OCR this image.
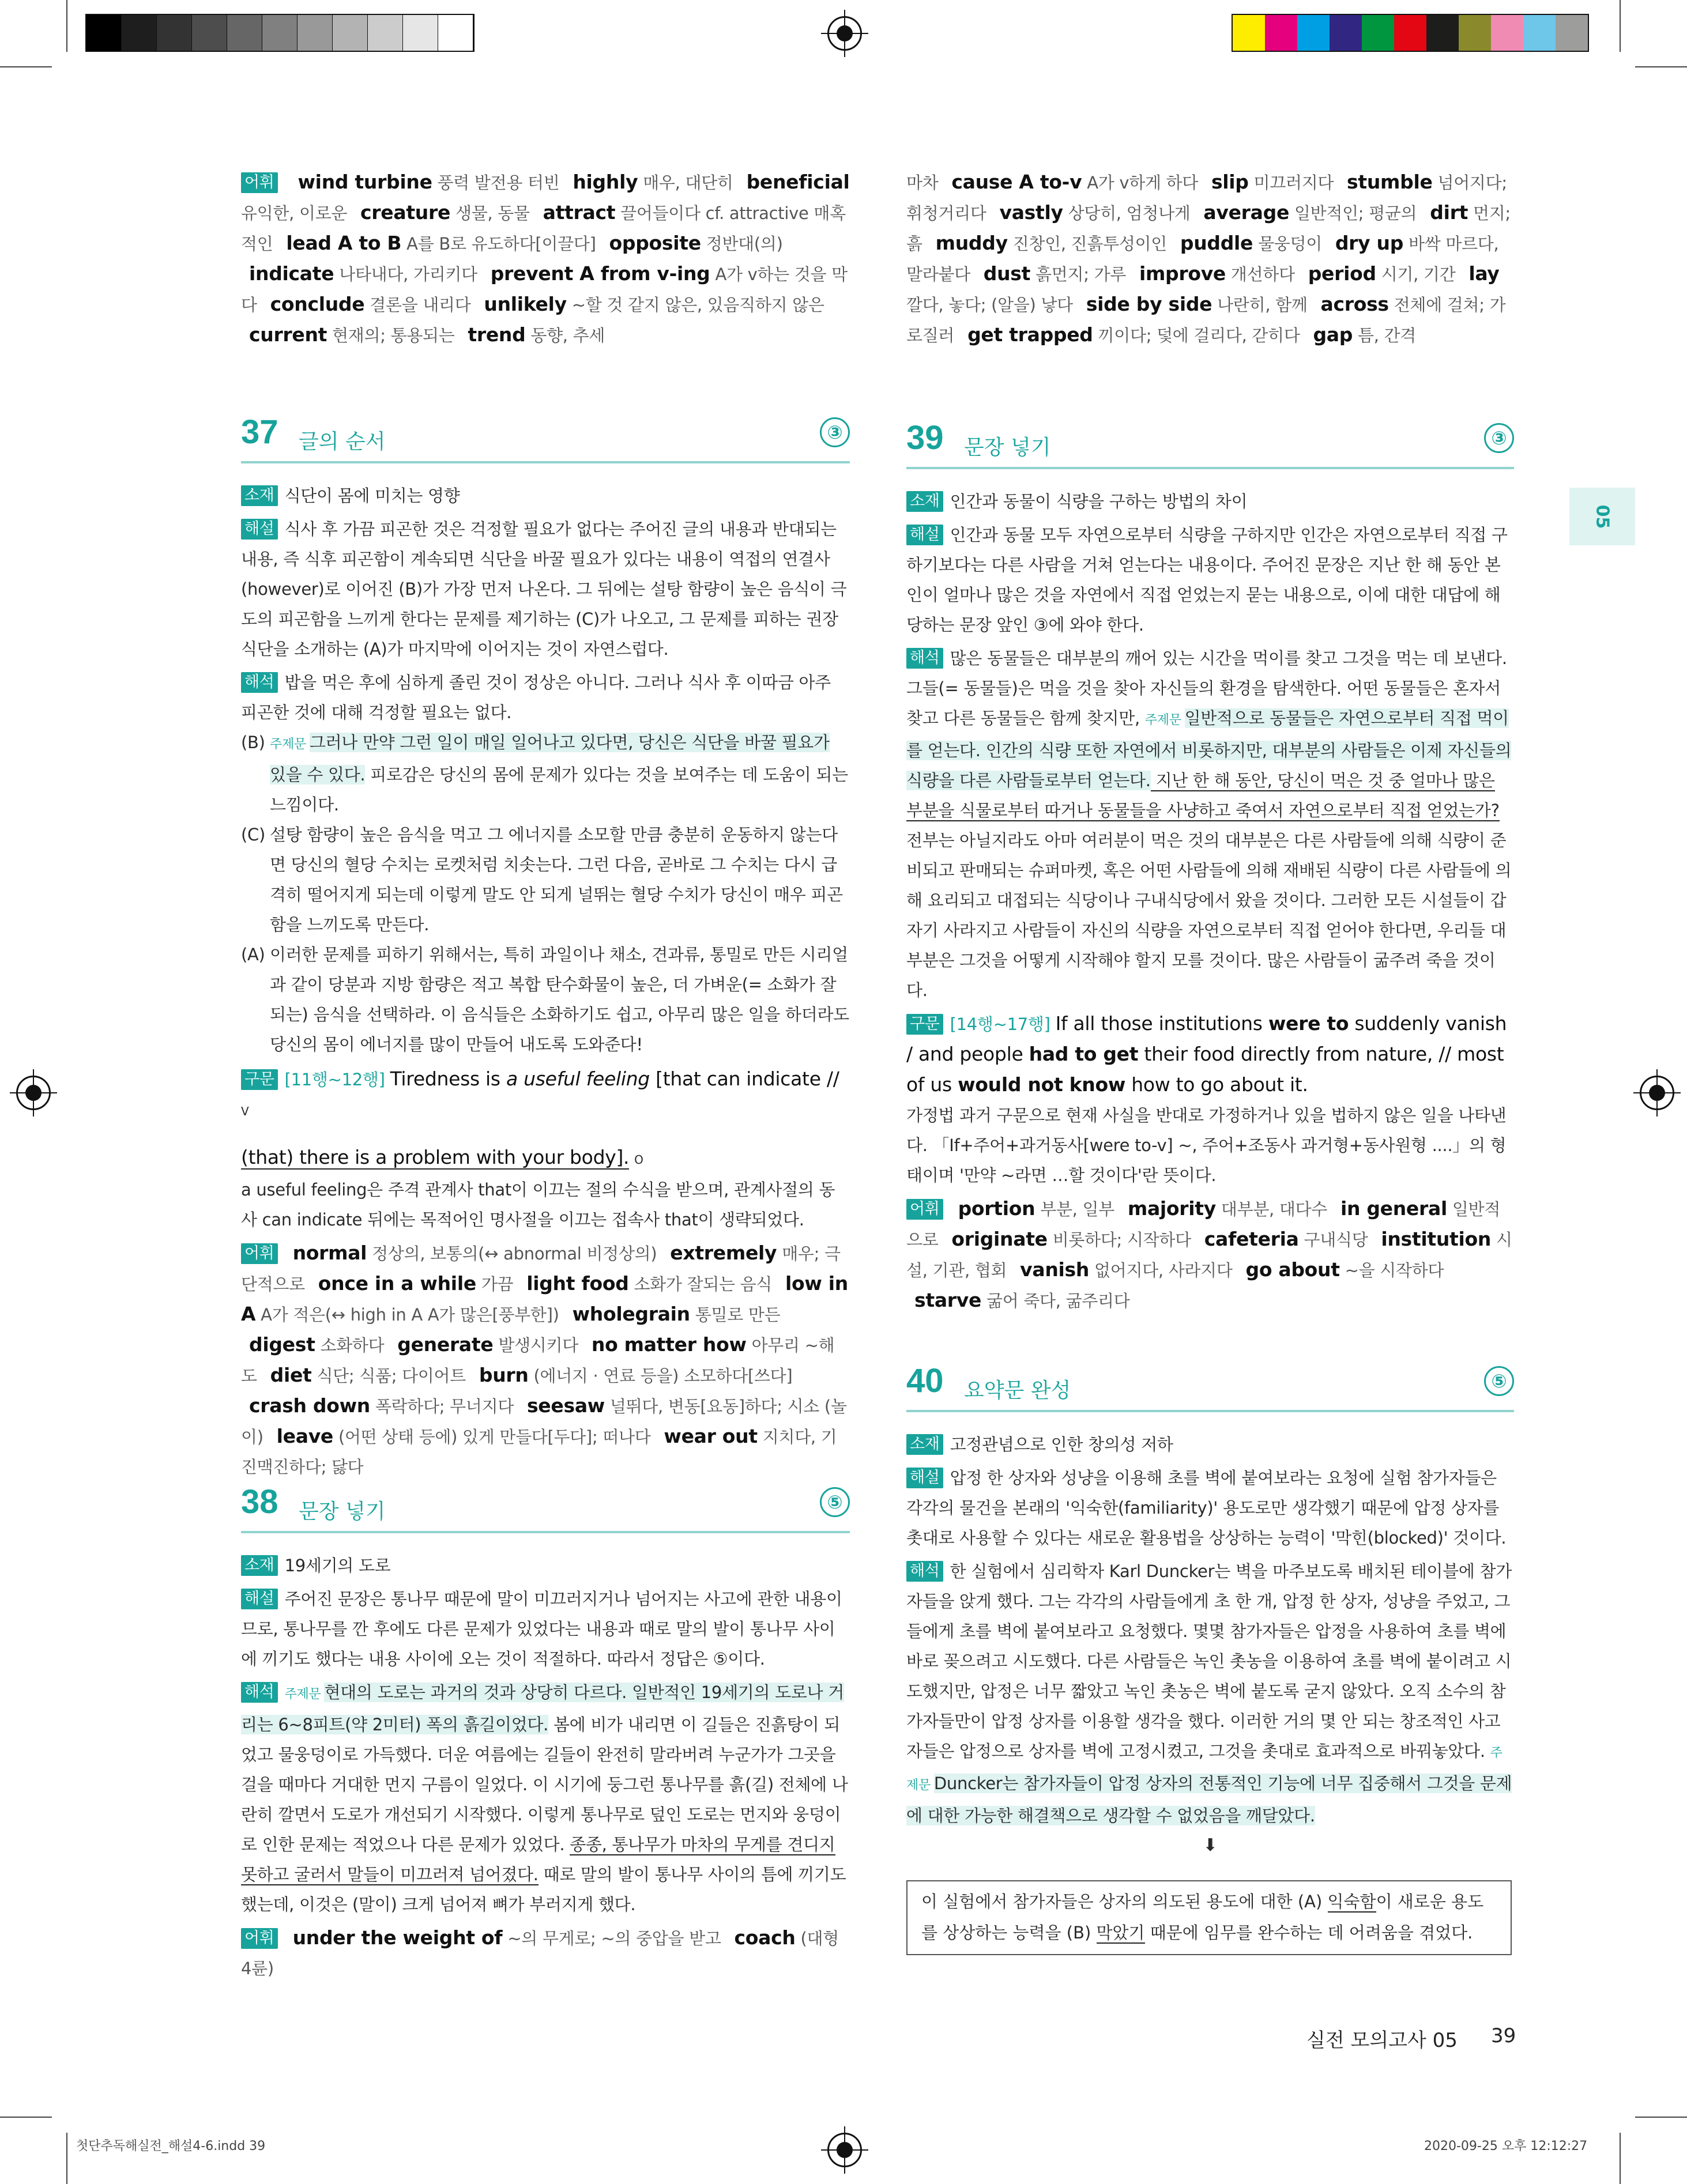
05
어휘 wind turbine 풍력 발전용 터빈 highly 매우, 대단히 beneficial 유익한, 이로운 creature 생물, 동물 attract 끌어들이다 cf. attractive 매혹적인 lead A to B A를 B로 유도하다[이끌다] opposite 정반대(의) indicate 나타내다, 가리키다 prevent A from v-ing A가 v하는 것을 막다 conclude 결론을 내리다 unlikely ~할 것 같지 않은, 있음직하지 않은 current 현재의; 통용되는 trend 동향, 추세
마차 cause A to-v A가 v하게 하다 slip 미끄러지다 stumble 넘어지다; 휘청거리다 vastly 상당히, 엄청나게 average 일반적인; 평균의 dirt 먼지; 흙 muddy 진창인, 진흙투성이인 puddle 물웅덩이 dry up 바싹 마르다, 말라붙다 dust 흙먼지; 가루 improve 개선하다 period 시기, 기간 lay 깔다, 놓다; (알을) 낳다 side by side 나란히, 함께 across 전체에 걸쳐; 가로질러 get trapped 끼이다; 덫에 걸리다, 갇히다 gap 틈, 간격
37 글의 순서	③
소재 식단이 몸에 미치는 영향
해설 식사 후 가끔 피곤한 것은 걱정할 필요가 없다는 주어진 글의 내용과 반대되는 내용, 즉 식후 피곤함이 계속되면 식단을 바꿀 필요가 있다는 내용이 역접의 연결사(however)로 이어진 (B)가 가장 먼저 나온다. 그 뒤에는 설탕 함량이 높은 음식이 극도의 피곤함을 느끼게 한다는 문제를 제기하는 (C)가 나오고, 그 문제를 피하는 권장 식단을 소개하는 (A)가 마지막에 이어지는 것이 자연스럽다.
해석 밥을 먹은 후에 심하게 졸린 것이 정상은 아니다. 그러나 식사 후 이따금 아주 피곤한 것에 대해 걱정할 필요는 없다.
(B) 주제문 그러나 만약 그런 일이 매일 일어나고 있다면, 당신은 식단을 바꿀 필요가 있을 수 있다. 피로감은 당신의 몸에 문제가 있다는 것을 보여주는 데 도움이 되는 느낌이다.
(C) 설탕 함량이 높은 음식을 먹고 그 에너지를 소모할 만큼 충분히 운동하지 않는다면 당신의 혈당 수치는 로켓처럼 치솟는다. 그런 다음, 곧바로 그 수치는 다시 급격히 떨어지게 되는데 이렇게 말도 안 되게 널뛰는 혈당 수치가 당신이 매우 피곤함을 느끼도록 만든다.
(A) 이러한 문제를 피하기 위해서는, 특히 과일이나 채소, 견과류, 통밀로 만든 시리얼과 같이 당분과 지방 함량은 적고 복합 탄수화물이 높은, 더 가벼운(= 소화가 잘 되는) 음식을 선택하라. 이 음식들은 소화하기도 쉽고, 아무리 많은 일을 하더라도 당신의 몸이 에너지를 많이 만들어 내도록 도와준다!
구문 [11행~12행] Tiredness is a useful feeling [that can indicate // V
(that) there is a problem with your body]. O
a useful feeling은 주격 관계사 that이 이끄는 절의 수식을 받으며, 관계사절의 동사 can indicate 뒤에는 목적어인 명사절을 이끄는 접속사 that이 생략되었다.
어휘 normal 정상의, 보통의(↔ abnormal 비정상의) extremely 매우; 극단적으로 once in a while 가끔 light food 소화가 잘되는 음식 low in A A가 적은(↔ high in A A가 많은[풍부한]) wholegrain 통밀로 만든 digest 소화하다 generate 발생시키다 no matter how 아무리 ~해도 diet 식단; 식품; 다이어트 burn (에너지 · 연료 등을) 소모하다[쓰다] crash down 폭락하다; 무너지다 seesaw 널뛰다, 변동[요동]하다; 시소 (놀이) leave (어떤 상태 등에) 있게 만들다[두다]; 떠나다 wear out 지치다, 기진맥진하다; 닳다
38 문장 넣기	⑤
소재 19세기의 도로
해설 주어진 문장은 통나무 때문에 말이 미끄러지거나 넘어지는 사고에 관한 내용이므로, 통나무를 깐 후에도 다른 문제가 있었다는 내용과 때로 말의 발이 통나무 사이에 끼기도 했다는 내용 사이에 오는 것이 적절하다. 따라서 정답은 ⑤이다.
해석 주제문 현대의 도로는 과거의 것과 상당히 다르다. 일반적인 19세기의 도로나 거리는 6~8피트(약 2미터) 폭의 흙길이었다. 봄에 비가 내리면 이 길들은 진흙탕이 되었고 물웅덩이로 가득했다. 더운 여름에는 길들이 완전히 말라버려 누군가가 그곳을 걸을 때마다 거대한 먼지 구름이 일었다. 이 시기에 둥그런 통나무를 흙(길) 전체에 나란히 깔면서 도로가 개선되기 시작했다. 이렇게 통나무로 덮인 도로는 먼지와 웅덩이로 인한 문제는 적었으나 다른 문제가 있었다. 종종, 통나무가 마차의 무게를 견디지 못하고 굴러서 말들이 미끄러져 넘어졌다. 때로 말의 발이 통나무 사이의 틈에 끼기도 했는데, 이것은 (말이) 크게 넘어져 뼈가 부러지게 했다.
어휘 under the weight of ~의 무게로; ~의 중압을 받고 coach (대형 4륜)
39 문장 넣기	③
소재 인간과 동물이 식량을 구하는 방법의 차이
해설 인간과 동물 모두 자연으로부터 식량을 구하지만 인간은 자연으로부터 직접 구하기보다는 다른 사람을 거쳐 얻는다는 내용이다. 주어진 문장은 지난 한 해 동안 본인이 얼마나 많은 것을 자연에서 직접 얻었는지 묻는 내용으로, 이에 대한 대답에 해당하는 문장 앞인 ③에 와야 한다.
해석 많은 동물들은 대부분의 깨어 있는 시간을 먹이를 찾고 그것을 먹는 데 보낸다. 그들(= 동물들)은 먹을 것을 찾아 자신들의 환경을 탐색한다. 어떤 동물들은 혼자서 찾고 다른 동물들은 함께 찾지만, 주제문 일반적으로 동물들은 자연으로부터 직접 먹이를 얻는다. 인간의 식량 또한 자연에서 비롯하지만, 대부분의 사람들은 이제 자신들의 식량을 다른 사람들로부터 얻는다. 지난 한 해 동안, 당신이 먹은 것 중 얼마나 많은 부분을 식물로부터 따거나 동물들을 사냥하고 죽여서 자연으로부터 직접 얻었는가? 전부는 아닐지라도 아마 여러분이 먹은 것의 대부분은 다른 사람들에 의해 식량이 준비되고 판매되는 슈퍼마켓, 혹은 어떤 사람들에 의해 재배된 식량이 다른 사람들에 의해 요리되고 대접되는 식당이나 구내식당에서 왔을 것이다. 그러한 모든 시설들이 갑자기 사라지고 사람들이 자신의 식량을 자연으로부터 직접 얻어야 한다면, 우리들 대부분은 그것을 어떻게 시작해야 할지 모를 것이다. 많은 사람들이 굶주려 죽을 것이다.
구문 [14행~17행] If all those institutions were to suddenly vanish / and people had to get their food directly from nature, // most of us would not know how to go about it.
가정법 과거 구문으로 현재 사실을 반대로 가정하거나 있을 법하지 않은 일을 나타낸다. 「If+주어+과거동사[were to-v] ~, 주어+조동사 과거형+동사원형 ....」의 형태이며 '만약 ~라면 …할 것이다'란 뜻이다.
어휘 portion 부분, 일부 majority 대부분, 대다수 in general 일반적으로 originate 비롯하다; 시작하다 cafeteria 구내식당 institution 시설, 기관, 협회 vanish 없어지다, 사라지다 go about ~을 시작하다 starve 굶어 죽다, 굶주리다
40 요약문 완성	⑤
소재 고정관념으로 인한 창의성 저하
해설 압정 한 상자와 성냥을 이용해 초를 벽에 붙여보라는 요청에 실험 참가자들은 각각의 물건을 본래의 '익숙한(familiarity)' 용도로만 생각했기 때문에 압정 상자를 촛대로 사용할 수 있다는 새로운 활용법을 상상하는 능력이 '막힌(blocked)' 것이다.
해석 한 실험에서 심리학자 Karl Duncker는 벽을 마주보도록 배치된 테이블에 참가자들을 앉게 했다. 그는 각각의 사람들에게 초 한 개, 압정 한 상자, 성냥을 주었고, 그들에게 초를 벽에 붙여보라고 요청했다. 몇몇 참가자들은 압정을 사용하여 초를 벽에 바로 꽂으려고 시도했다. 다른 사람들은 녹인 촛농을 이용하여 초를 벽에 붙이려고 시도했지만, 압정은 너무 짧았고 녹인 촛농은 벽에 붙도록 굳지 않았다. 오직 소수의 참가자들만이 압정 상자를 이용할 생각을 했다. 이러한 거의 몇 안 되는 창조적인 사고자들은 압정으로 상자를 벽에 고정시켰고, 그것을 촛대로 효과적으로 바꿔놓았다. 주제문 Duncker는 참가자들이 압정 상자의 전통적인 기능에 너무 집중해서 그것을 문제에 대한 가능한 해결책으로 생각할 수 없었음을 깨달았다.
⬇
이 실험에서 참가자들은 상자의 의도된 용도에 대한 (A) 익숙함이 새로운 용도를 상상하는 능력을 (B) 막았기 때문에 임무를 완수하는 데 어려움을 겪었다.
실전 모의고사 05 39
첫단추독해실전_해설4-6.indd 39	2020-09-25 오후 12:12:27
